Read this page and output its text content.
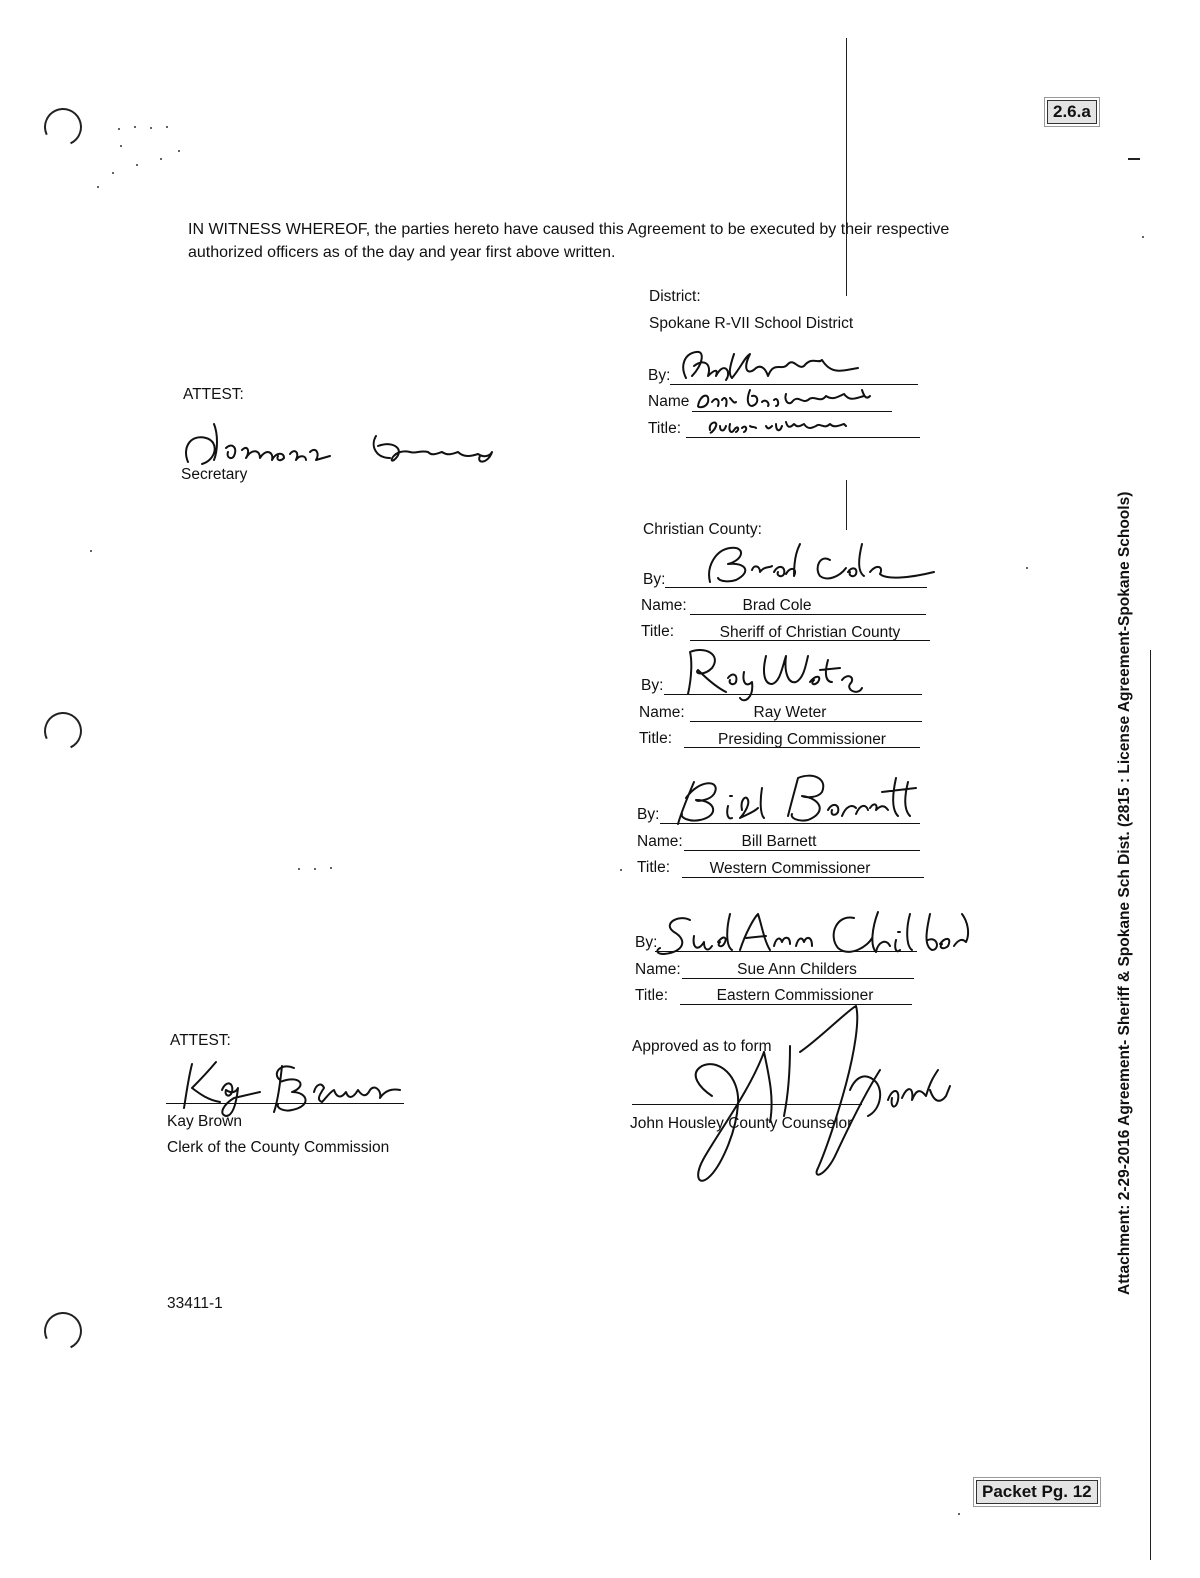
2.6.a
Packet Pg. 12
Attachment: 2-29-2016 Agreement- Sheriff & Spokane Sch Dist. (2815 : License Agreement-Spokane Schools)
IN WITNESS WHEREOF, the parties hereto have caused this Agreement to be executed by their respective
authorized officers as of the day and year first above written.
District:
Spokane R-VII School District
By:
Name
Title:
ATTEST:
Secretary
Christian County:
By:
Name:	Brad Cole
Title:	Sheriff of Christian County
By:
Name:	Ray Weter
Title:	Presiding Commissioner
By:
Name:	Bill Barnett
Title:	Western Commissioner
By:
Name:	Sue Ann Childers
Title:	Eastern Commissioner
Approved as to form
John Housley County Counselor
ATTEST:
Kay Brown
Clerk of the County Commission
33411-1
